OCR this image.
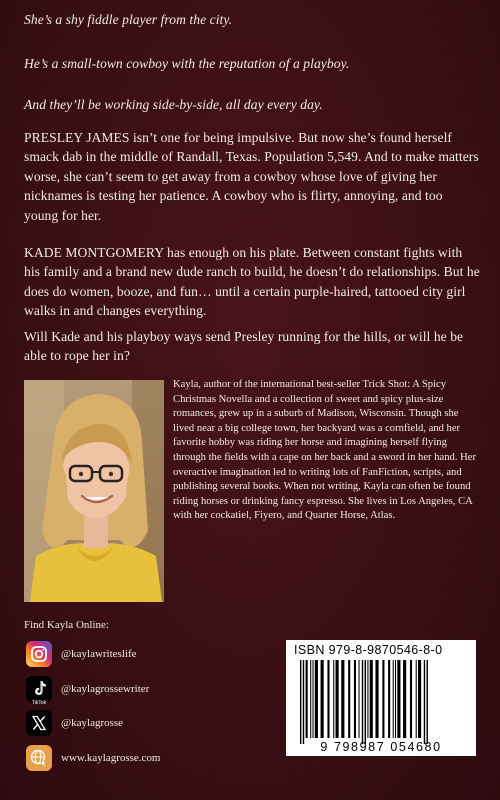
She’s a shy fiddle player from the city.

He’s a small-town cowboy with the reputation of a playboy.

And they’ll be working side-by-side, all day every day.

PRESLEY JAMES isn’t one for being impulsive. But now she’s found herself smack dab in the middle of Randall, Texas. Population 5,549. And to make matters worse, she can’t seem to get away from a cowboy whose love of giving her nicknames is testing her patience. A cowboy who is flirty, annoying, and too young for her.

KADE MONTGOMERY has enough on his plate. Between constant fights with his family and a brand new dude ranch to build, he doesn’t do relationships. But he does do women, booze, and fun… until a certain purple-haired, tattooed city girl walks in and changes everything.

Will Kade and his playboy ways send Presley running for the hills, or will he be able to rope her in?

Kayla, author of the international best-seller Trick Shot: A Spicy Christmas Novella and a collection of sweet and spicy plus-size romances, grew up in a suburb of Madison, Wisconsin. Though she lived near a big college town, her backyard was a cornfield, and her favorite hobby was riding her horse and imagining herself flying through the fields with a cape on her back and a sword in her hand. Her overactive imagination led to writing lots of FanFiction, scripts, and publishing several books. When not writing, Kayla can often be found riding horses or drinking fancy espresso. She lives in Los Angeles, CA with her cockatiel, Fiyero, and Quarter Horse, Atlas.

Find Kayla Online:

@kaylawriteslife
TikTok
@kaylagrossewriter
@kaylagrosse
www.kaylagrosse.com
ISBN 979-8-9870546-8-0

9 798987 054680
